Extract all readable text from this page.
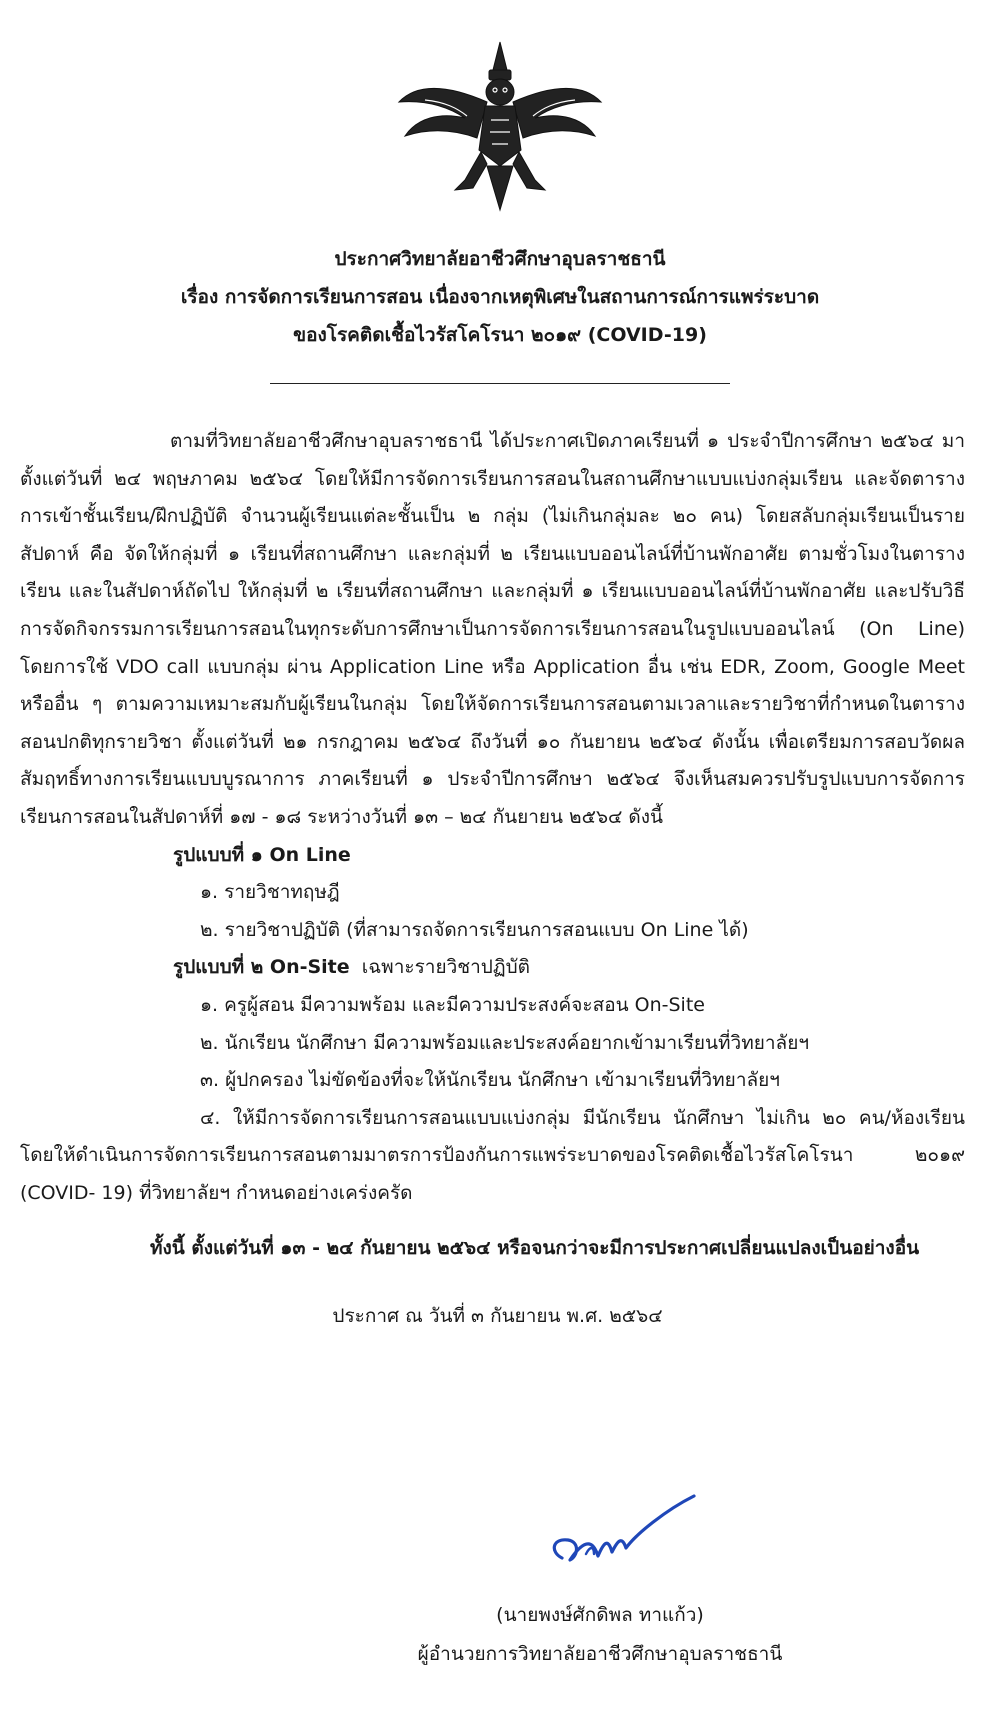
ประกาศวิทยาลัยอาชีวศึกษาอุบลราชธานี
เรื่อง การจัดการเรียนการสอน เนื่องจากเหตุพิเศษในสถานการณ์การแพร่ระบาด
ของโรคติดเชื้อไวรัสโคโรนา ๒๐๑๙ (COVID-19)

ตามที่วิทยาลัยอาชีวศึกษาอุบลราชธานี ได้ประกาศเปิดภาคเรียนที่ ๑ ประจำปีการศึกษา ๒๕๖๔ มาตั้งแต่วันที่ ๒๔ พฤษภาคม ๒๕๖๔ โดยให้มีการจัดการเรียนการสอนในสถานศึกษาแบบแบ่งกลุ่มเรียน และจัดตารางการเข้าชั้นเรียน/ฝึกปฏิบัติ จำนวนผู้เรียนแต่ละชั้นเป็น ๒ กลุ่ม (ไม่เกินกลุ่มละ ๒๐ คน) โดยสลับกลุ่มเรียนเป็นรายสัปดาห์ คือ จัดให้กลุ่มที่ ๑ เรียนที่สถานศึกษา และกลุ่มที่ ๒ เรียนแบบออนไลน์ที่บ้านพักอาศัย ตามชั่วโมงในตารางเรียน และในสัปดาห์ถัดไป ให้กลุ่มที่ ๒ เรียนที่สถานศึกษา และกลุ่มที่ ๑ เรียนแบบออนไลน์ที่บ้านพักอาศัย และปรับวิธีการจัดกิจกรรมการเรียนการสอนในทุกระดับการศึกษาเป็นการจัดการเรียนการสอนในรูปแบบออนไลน์ (On Line) โดยการใช้ VDO call แบบกลุ่ม ผ่าน Application Line หรือ Application อื่น เช่น EDR, Zoom, Google Meet หรืออื่น ๆ ตามความเหมาะสมกับผู้เรียนในกลุ่ม โดยให้จัดการเรียนการสอนตามเวลาและรายวิชาที่กำหนดในตารางสอนปกติทุกรายวิชา ตั้งแต่วันที่ ๒๑ กรกฎาคม ๒๕๖๔ ถึงวันที่ ๑๐ กันยายน ๒๕๖๔ ดังนั้น เพื่อเตรียมการสอบวัดผลสัมฤทธิ์ทางการเรียนแบบบูรณาการ ภาคเรียนที่ ๑ ประจำปีการศึกษา ๒๕๖๔ จึงเห็นสมควรปรับรูปแบบการจัดการเรียนการสอนในสัปดาห์ที่ ๑๗ - ๑๘ ระหว่างวันที่ ๑๓ – ๒๔ กันยายน ๒๕๖๔ ดังนี้

รูปแบบที่ ๑ On Line

๑. รายวิชาทฤษฎี

๒. รายวิชาปฏิบัติ (ที่สามารถจัดการเรียนการสอนแบบ On Line ได้)

รูปแบบที่ ๒ On-Site เฉพาะรายวิชาปฏิบัติ

๑. ครูผู้สอน มีความพร้อม และมีความประสงค์จะสอน On-Site

๒. นักเรียน นักศึกษา มีความพร้อมและประสงค์อยากเข้ามาเรียนที่วิทยาลัยฯ

๓. ผู้ปกครอง ไม่ขัดข้องที่จะให้นักเรียน นักศึกษา เข้ามาเรียนที่วิทยาลัยฯ

๔. ให้มีการจัดการเรียนการสอนแบบแบ่งกลุ่ม มีนักเรียน นักศึกษา ไม่เกิน ๒๐ คน/ห้องเรียน โดยให้ดำเนินการจัดการเรียนการสอนตามมาตรการป้องกันการแพร่ระบาดของโรคติดเชื้อไวรัสโคโรนา ๒๐๑๙ (COVID- 19) ที่วิทยาลัยฯ กำหนดอย่างเคร่งครัด

ทั้งนี้ ตั้งแต่วันที่ ๑๓ - ๒๔ กันยายน ๒๕๖๔ หรือจนกว่าจะมีการประกาศเปลี่ยนแปลงเป็นอย่างอื่น

ประกาศ ณ วันที่ ๓ กันยายน พ.ศ. ๒๕๖๔

(นายพงษ์ศักดิพล ทาแก้ว)
ผู้อำนวยการวิทยาลัยอาชีวศึกษาอุบลราชธานี
